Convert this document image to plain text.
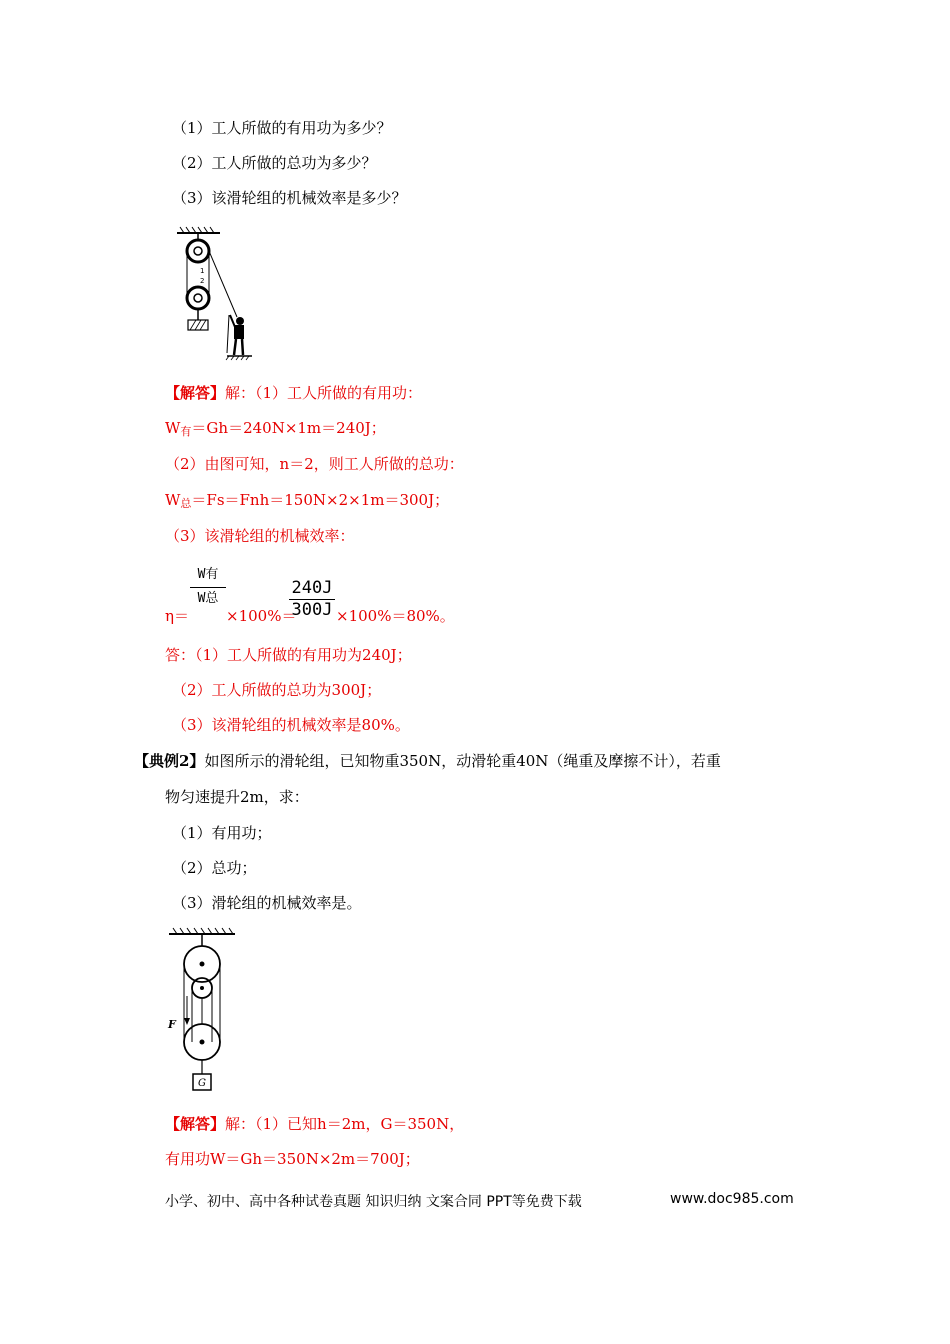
（1）工人所做的有用功为多少？
（2）工人所做的总功为多少？
（3）该滑轮组的机械效率是多少？
1
2
【解答】解：（1）工人所做的有用功：
$W_有=Gh=240N\times 1m=240J$；
（2）由图可知，n＝2，则工人所做的总功：
$W_总=Fs=Fnh=150N\times 2\times 1m=300J$；
（3）该滑轮组的机械效率：
η＝
W有
W总
×100%＝
$\frac{240J}{300J} \times 100\%=80\%$。
答：（1）工人所做的有用功为240J；
（2）工人所做的总功为300J；
（3）该滑轮组的机械效率是80%。
【典例2】如图所示的滑轮组，已知物重350N，动滑轮重40N（绳重及摩擦不计），若重
物匀速提升2m，求：
（1）有用功；
（2）总功；
（3）滑轮组的机械效率是。
F
G
【解答】解：（1）已知h＝2m，G＝350N，
有用功W＝Gh＝350N×2m＝700J；
小学、初中、高中各种试卷真题 知识归纳 文案合同 PPT等免费下载	www.doc985.com
